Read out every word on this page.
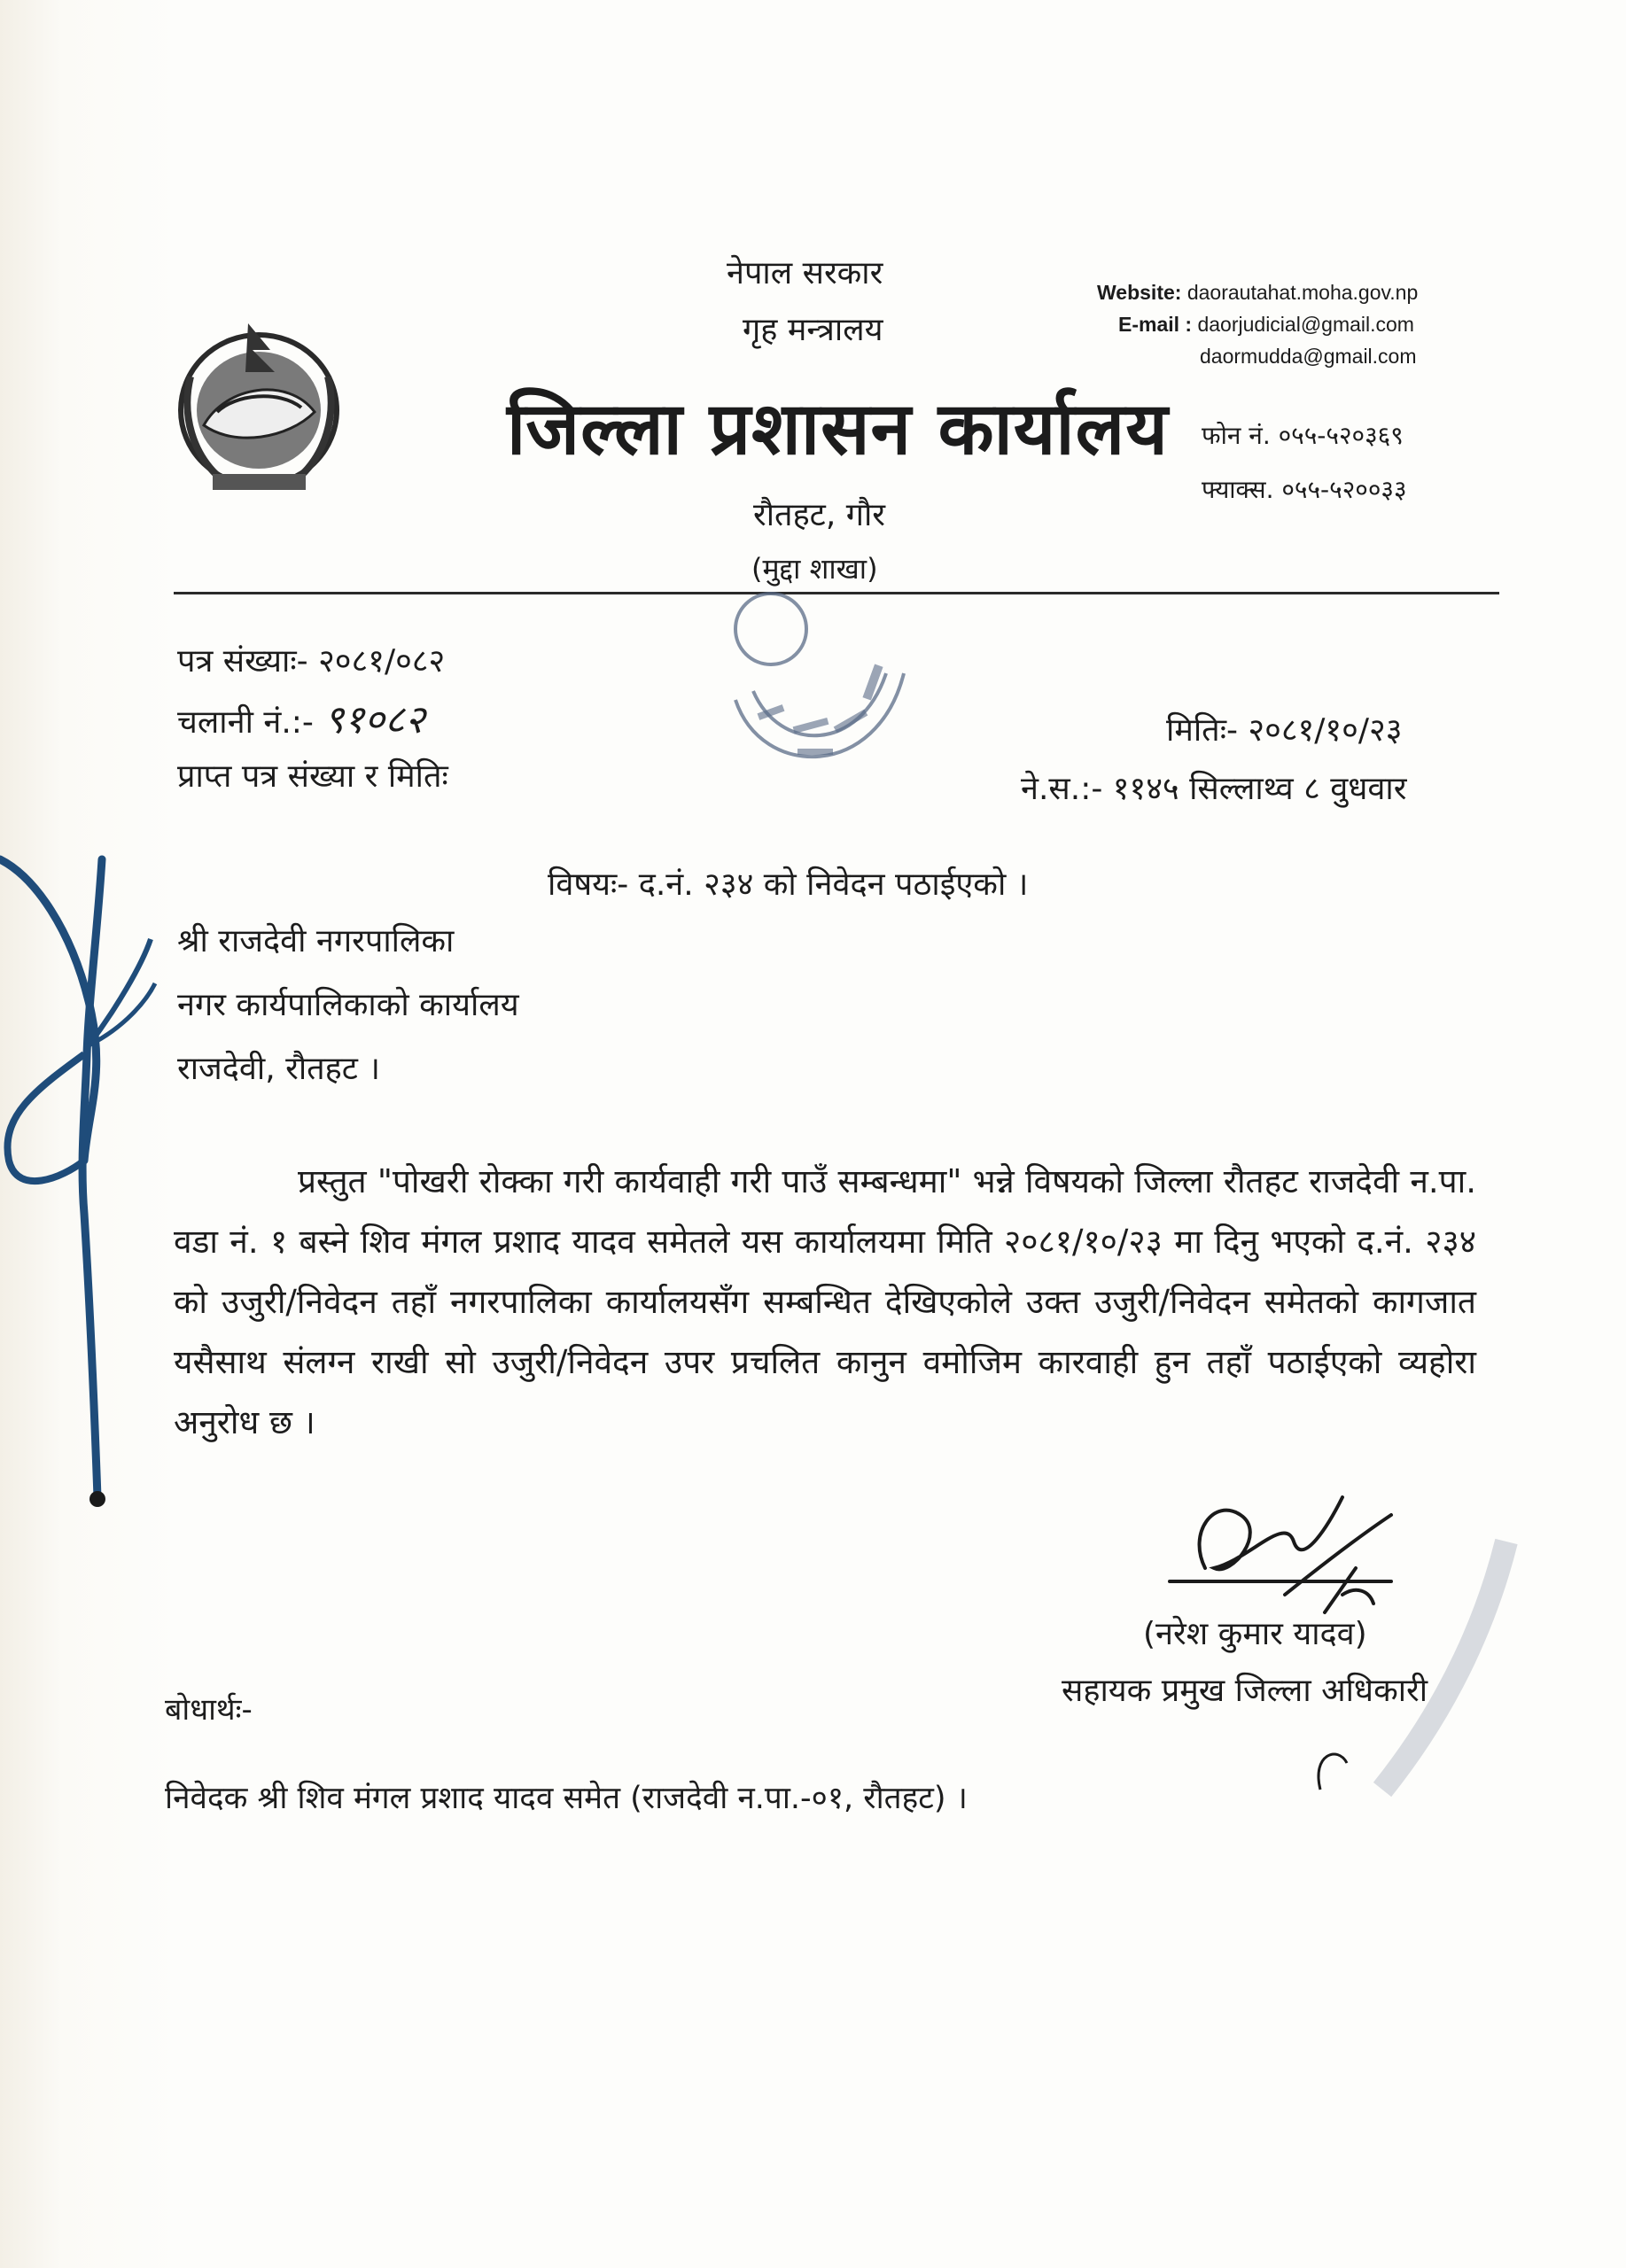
नेपाल सरकार
गृह मन्त्रालय
जिल्ला प्रशासन कार्यालय
रौतहट, गौर
(मुद्दा शाखा)
Website: daorautahat.moha.gov.np
E-mail : daorjudicial@gmail.com
daormudda@gmail.com
फोन नं. ०५५-५२०३६९
फ्याक्स. ०५५-५२००३३
पत्र संख्याः- २०८१/०८२
चलानी नं.:- ९१०८२
प्राप्त पत्र संख्या र मितिः
मितिः- २०८१/१०/२३
ने.स.:- ११४५ सिल्लाथ्व ८ वुधवार
विषयः- द.नं. २३४ को निवेदन पठाईएको ।
श्री राजदेवी नगरपालिका
नगर कार्यपालिकाको कार्यालय
राजदेवी, रौतहट ।
प्रस्तुत "पोखरी रोक्का गरी कार्यवाही गरी पाउँ सम्बन्धमा" भन्ने विषयको जिल्ला रौतहट राजदेवी न.पा. वडा नं. १ बस्ने शिव मंगल प्रशाद यादव समेतले यस कार्यालयमा मिति २०८१/१०/२३ मा दिनु भएको द.नं. २३४ को उजुरी/निवेदन तहाँ नगरपालिका कार्यालयसँग सम्बन्धित देखिएकोले उक्त उजुरी/निवेदन समेतको कागजात यसैसाथ संलग्न राखी सो उजुरी/निवेदन उपर प्रचलित कानुन वमोजिम कारवाही हुन तहाँ पठाईएको व्यहोरा अनुरोध छ ।
(नरेश कुमार यादव)
सहायक प्रमुख जिल्ला अधिकारी
बोधार्थः-
निवेदक श्री शिव मंगल प्रशाद यादव समेत (राजदेवी न.पा.-०१, रौतहट) ।
